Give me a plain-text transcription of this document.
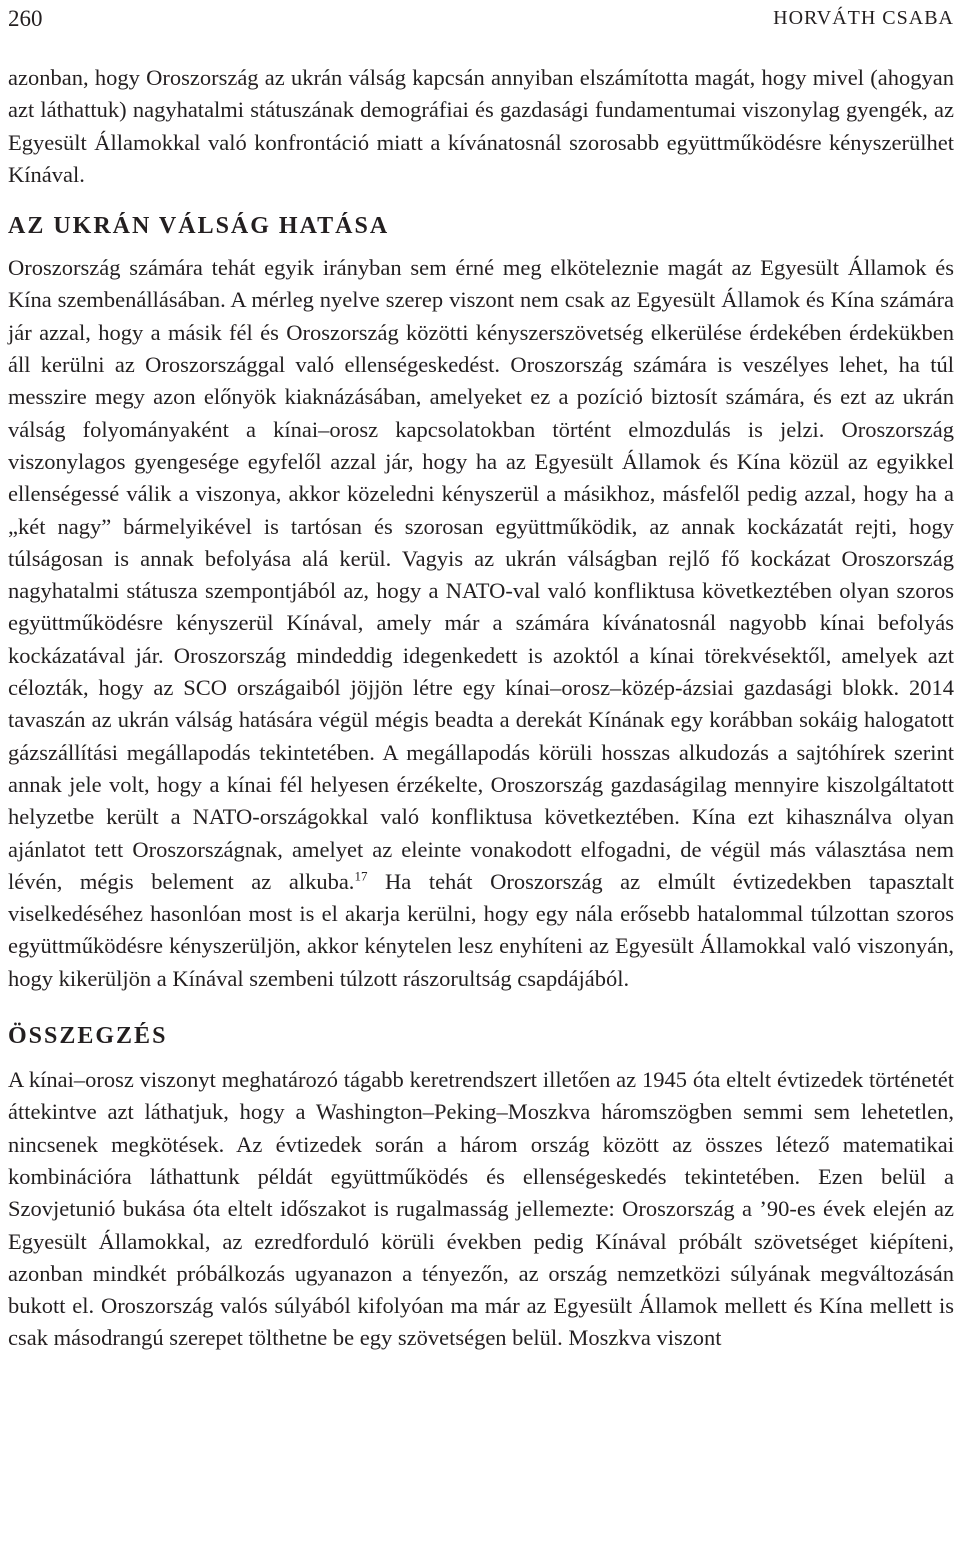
260	HORVÁTH CSABA

azonban, hogy Oroszország az ukrán válság kapcsán annyiban elszámította magát, hogy mivel (ahogyan azt láthattuk) nagyhatalmi státuszának demográfiai és gazdasági fundamentumai viszonylag gyengék, az Egyesült Államokkal való konfrontáció miatt a kívánatosnál szorosabb együttműködésre kényszerülhet Kínával.

AZ UKRÁN VÁLSÁG HATÁSA

Oroszország számára tehát egyik irányban sem érné meg elköteleznie magát az Egyesült Államok és Kína szembenállásában. A mérleg nyelve szerep viszont nem csak az Egyesült Államok és Kína számára jár azzal, hogy a másik fél és Oroszország közötti kényszerszövetség elkerülése érdekében érdekükben áll kerülni az Oroszországgal való ellenségeskedést. Oroszország számára is veszélyes lehet, ha túl messzire megy azon előnyök kiaknázásában, amelyeket ez a pozíció biztosít számára, és ezt az ukrán válság folyományaként a kínai–orosz kapcsolatokban történt elmozdulás is jelzi. Oroszország viszonylagos gyengesége egyfelől azzal jár, hogy ha az Egyesült Államok és Kína közül az egyikkel ellenségessé válik a viszonya, akkor közeledni kényszerül a másikhoz, másfelől pedig azzal, hogy ha a „két nagy” bármelyikével is tartósan és szorosan együttműködik, az annak kockázatát rejti, hogy túlságosan is annak befolyása alá kerül. Vagyis az ukrán válságban rejlő fő kockázat Oroszország nagyhatalmi státusza szempontjából az, hogy a NATO-val való konfliktusa következtében olyan szoros együttműködésre kényszerül Kínával, amely már a számára kívánatosnál nagyobb kínai befolyás kockázatával jár. Oroszország mindeddig idegenkedett is azoktól a kínai törekvésektől, amelyek azt célozták, hogy az SCO országaiból jöjjön létre egy kínai–orosz–közép-ázsiai gazdasági blokk. 2014 tavaszán az ukrán válság hatására végül mégis beadta a derekát Kínának egy korábban sokáig halogatott gázszállítási megállapodás tekintetében. A megállapodás körüli hosszas alkudozás a sajtóhírek szerint annak jele volt, hogy a kínai fél helyesen érzékelte, Oroszország gazdaságilag mennyire kiszolgáltatott helyzetbe került a NATO-országokkal való konfliktusa következtében. Kína ezt kihasználva olyan ajánlatot tett Oroszországnak, amelyet az eleinte vonakodott elfogadni, de végül más választása nem lévén, mégis belement az alkuba.$^{17}$ Ha tehát Oroszország az elmúlt évtizedekben tapasztalt viselkedéséhez hasonlóan most is el akarja kerülni, hogy egy nála erősebb hatalommal túlzottan szoros együttműködésre kényszerüljön, akkor kénytelen lesz enyhíteni az Egyesült Államokkal való viszonyán, hogy kikerüljön a Kínával szembeni túlzott rászorultság csapdájából.

ÖSSZEGZÉS

A kínai–orosz viszonyt meghatározó tágabb keretrendszert illetően az 1945 óta eltelt évtizedek történetét áttekintve azt láthatjuk, hogy a Washington–Peking–Moszkva háromszögben semmi sem lehetetlen, nincsenek megkötések. Az évtizedek során a három ország között az összes létező matematikai kombinációra láthattunk példát együttműködés és ellenségeskedés tekintetében. Ezen belül a Szovjetunió bukása óta eltelt időszakot is rugalmasság jellemezte: Oroszország a ’90-es évek elején az Egyesült Államokkal, az ezredforduló körüli években pedig Kínával próbált szövetséget kiépíteni, azonban mindkét próbálkozás ugyanazon a tényezőn, az ország nemzetközi súlyának megváltozásán bukott el. Oroszország valós súlyából kifolyóan ma már az Egyesült Államok mellett és Kína mellett is csak másodrangú szerepet tölthetne be egy szövetségen belül. Moszkva viszont
